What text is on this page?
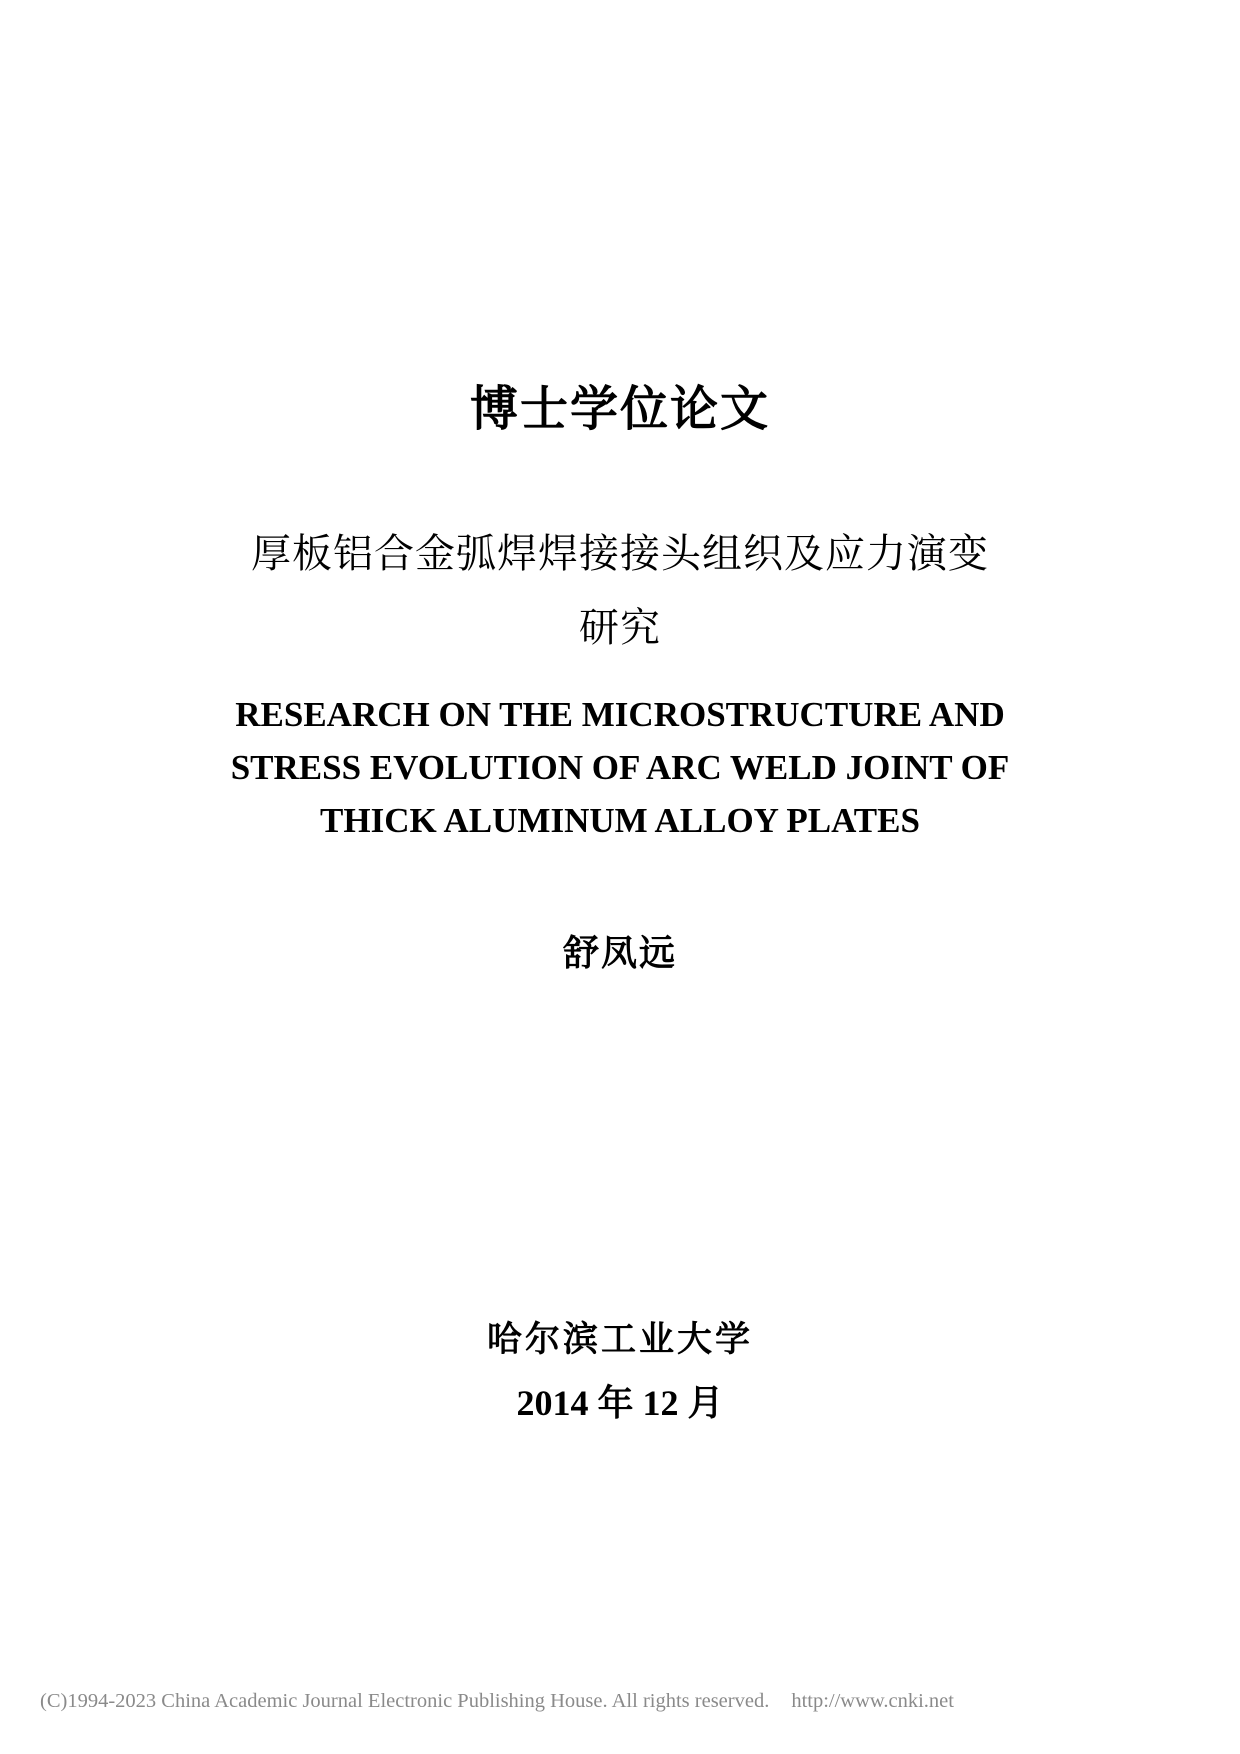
博士学位论文
厚板铝合金弧焊焊接接头组织及应力演变
研究
RESEARCH ON THE MICROSTRUCTURE AND
STRESS EVOLUTION OF ARC WELD JOINT OF
THICK ALUMINUM ALLOY PLATES
舒凤远
哈尔滨工业大学
2014 年 12 月
(C)1994-2023 China Academic Journal Electronic Publishing House. All rights reserved. http://www.cnki.net
